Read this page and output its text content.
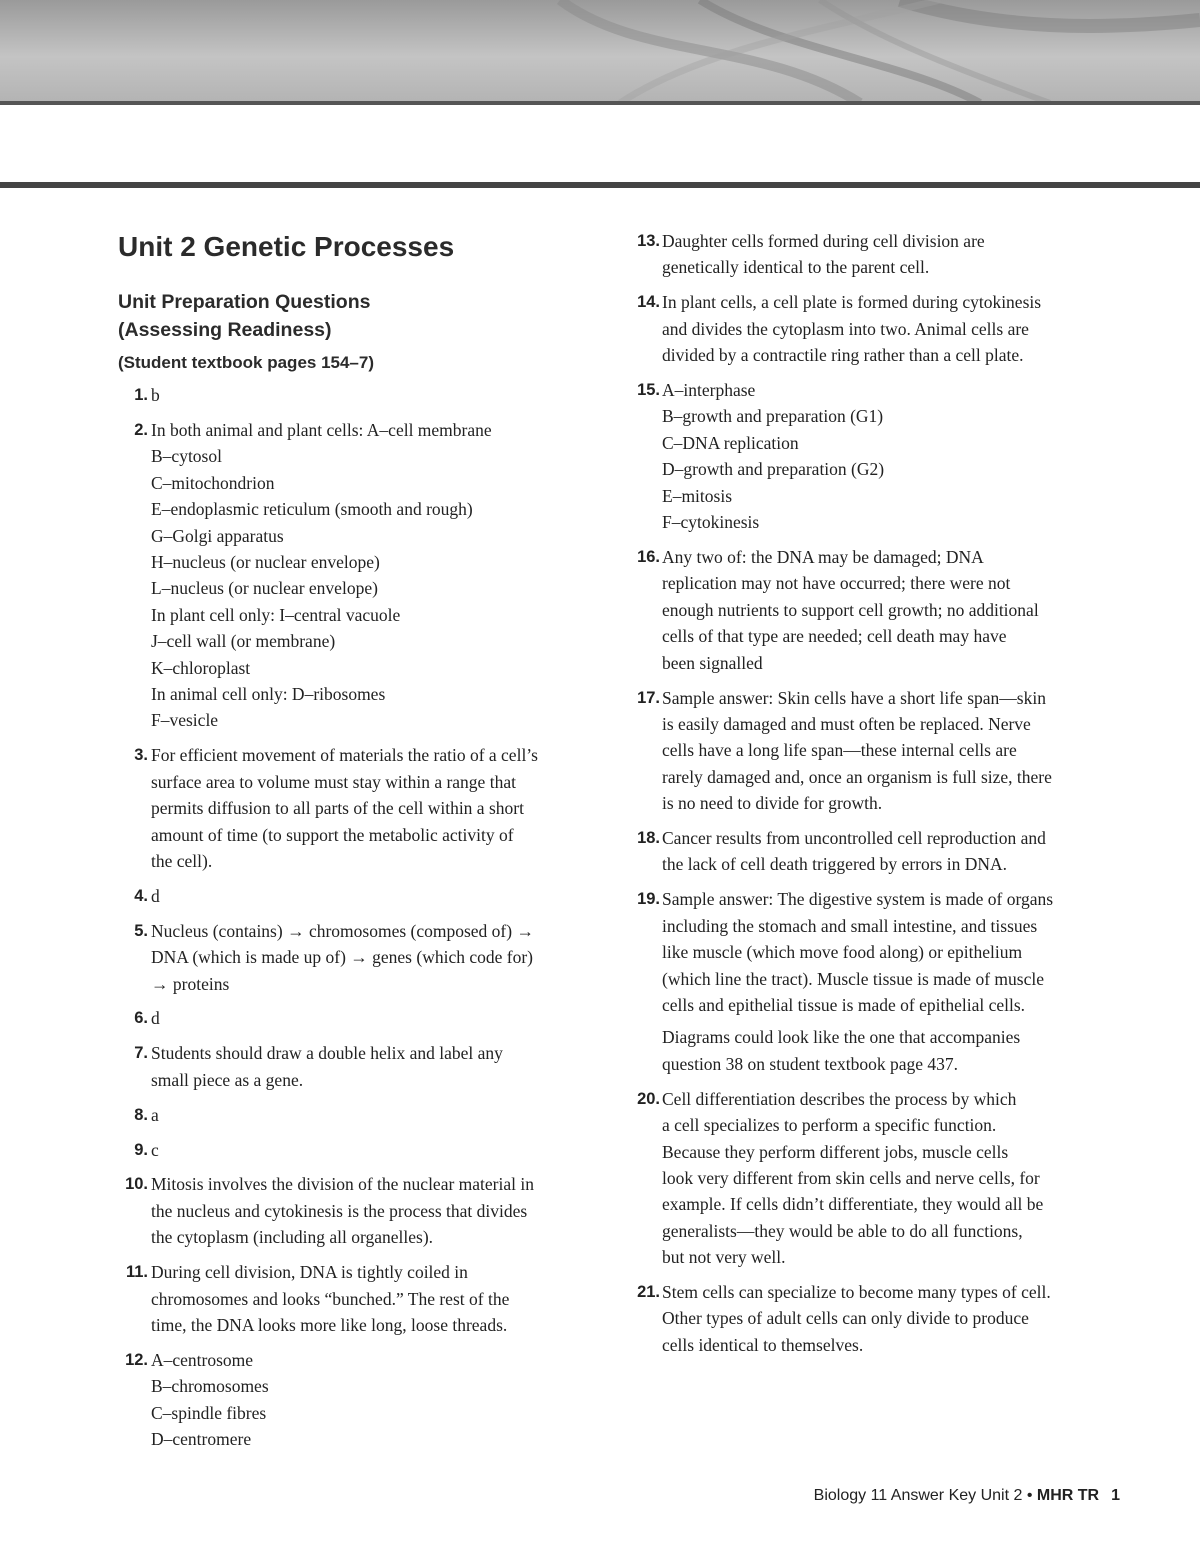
Unit 2 Genetic Processes
Unit Preparation Questions
(Assessing Readiness)
(Student textbook pages 154–7)
1. b
2. In both animal and plant cells: A–cell membrane
B–cytosol
C–mitochondrion
E–endoplasmic reticulum (smooth and rough)
G–Golgi apparatus
H–nucleus (or nuclear envelope)
L–nucleus (or nuclear envelope)
In plant cell only: I–central vacuole
J–cell wall (or membrane)
K–chloroplast
In animal cell only: D–ribosomes
F–vesicle
3. For efficient movement of materials the ratio of a cell’s
surface area to volume must stay within a range that
permits diffusion to all parts of the cell within a short
amount of time (to support the metabolic activity of
the cell).
4. d
5. Nucleus (contains) → chromosomes (composed of) →
DNA (which is made up of) → genes (which code for)
→ proteins
6. d
7. Students should draw a double helix and label any
small piece as a gene.
8. a
9. c
10. Mitosis involves the division of the nuclear material in
the nucleus and cytokinesis is the process that divides
the cytoplasm (including all organelles).
11. During cell division, DNA is tightly coiled in
chromosomes and looks “bunched.” The rest of the
time, the DNA looks more like long, loose threads.
12. A–centrosome
B–chromosomes
C–spindle fibres
D–centromere
13. Daughter cells formed during cell division are
genetically identical to the parent cell.
14. In plant cells, a cell plate is formed during cytokinesis
and divides the cytoplasm into two. Animal cells are
divided by a contractile ring rather than a cell plate.
15. A–interphase
B–growth and preparation (G1)
C–DNA replication
D–growth and preparation (G2)
E–mitosis
F–cytokinesis
16. Any two of: the DNA may be damaged; DNA
replication may not have occurred; there were not
enough nutrients to support cell growth; no additional
cells of that type are needed; cell death may have
been signalled
17. Sample answer: Skin cells have a short life span—skin
is easily damaged and must often be replaced. Nerve
cells have a long life span—these internal cells are
rarely damaged and, once an organism is full size, there
is no need to divide for growth.
18. Cancer results from uncontrolled cell reproduction and
the lack of cell death triggered by errors in DNA.
19. Sample answer: The digestive system is made of organs
including the stomach and small intestine, and tissues
like muscle (which move food along) or epithelium
(which line the tract). Muscle tissue is made of muscle
cells and epithelial tissue is made of epithelial cells.
Diagrams could look like the one that accompanies
question 38 on student textbook page 437.
20. Cell differentiation describes the process by which
a cell specializes to perform a specific function.
Because they perform different jobs, muscle cells
look very different from skin cells and nerve cells, for
example. If cells didn’t differentiate, they would all be
generalists—they would be able to do all functions,
but not very well.
21. Stem cells can specialize to become many types of cell.
Other types of adult cells can only divide to produce
cells identical to themselves.
Biology 11 Answer Key Unit 2 • MHR TR 1
